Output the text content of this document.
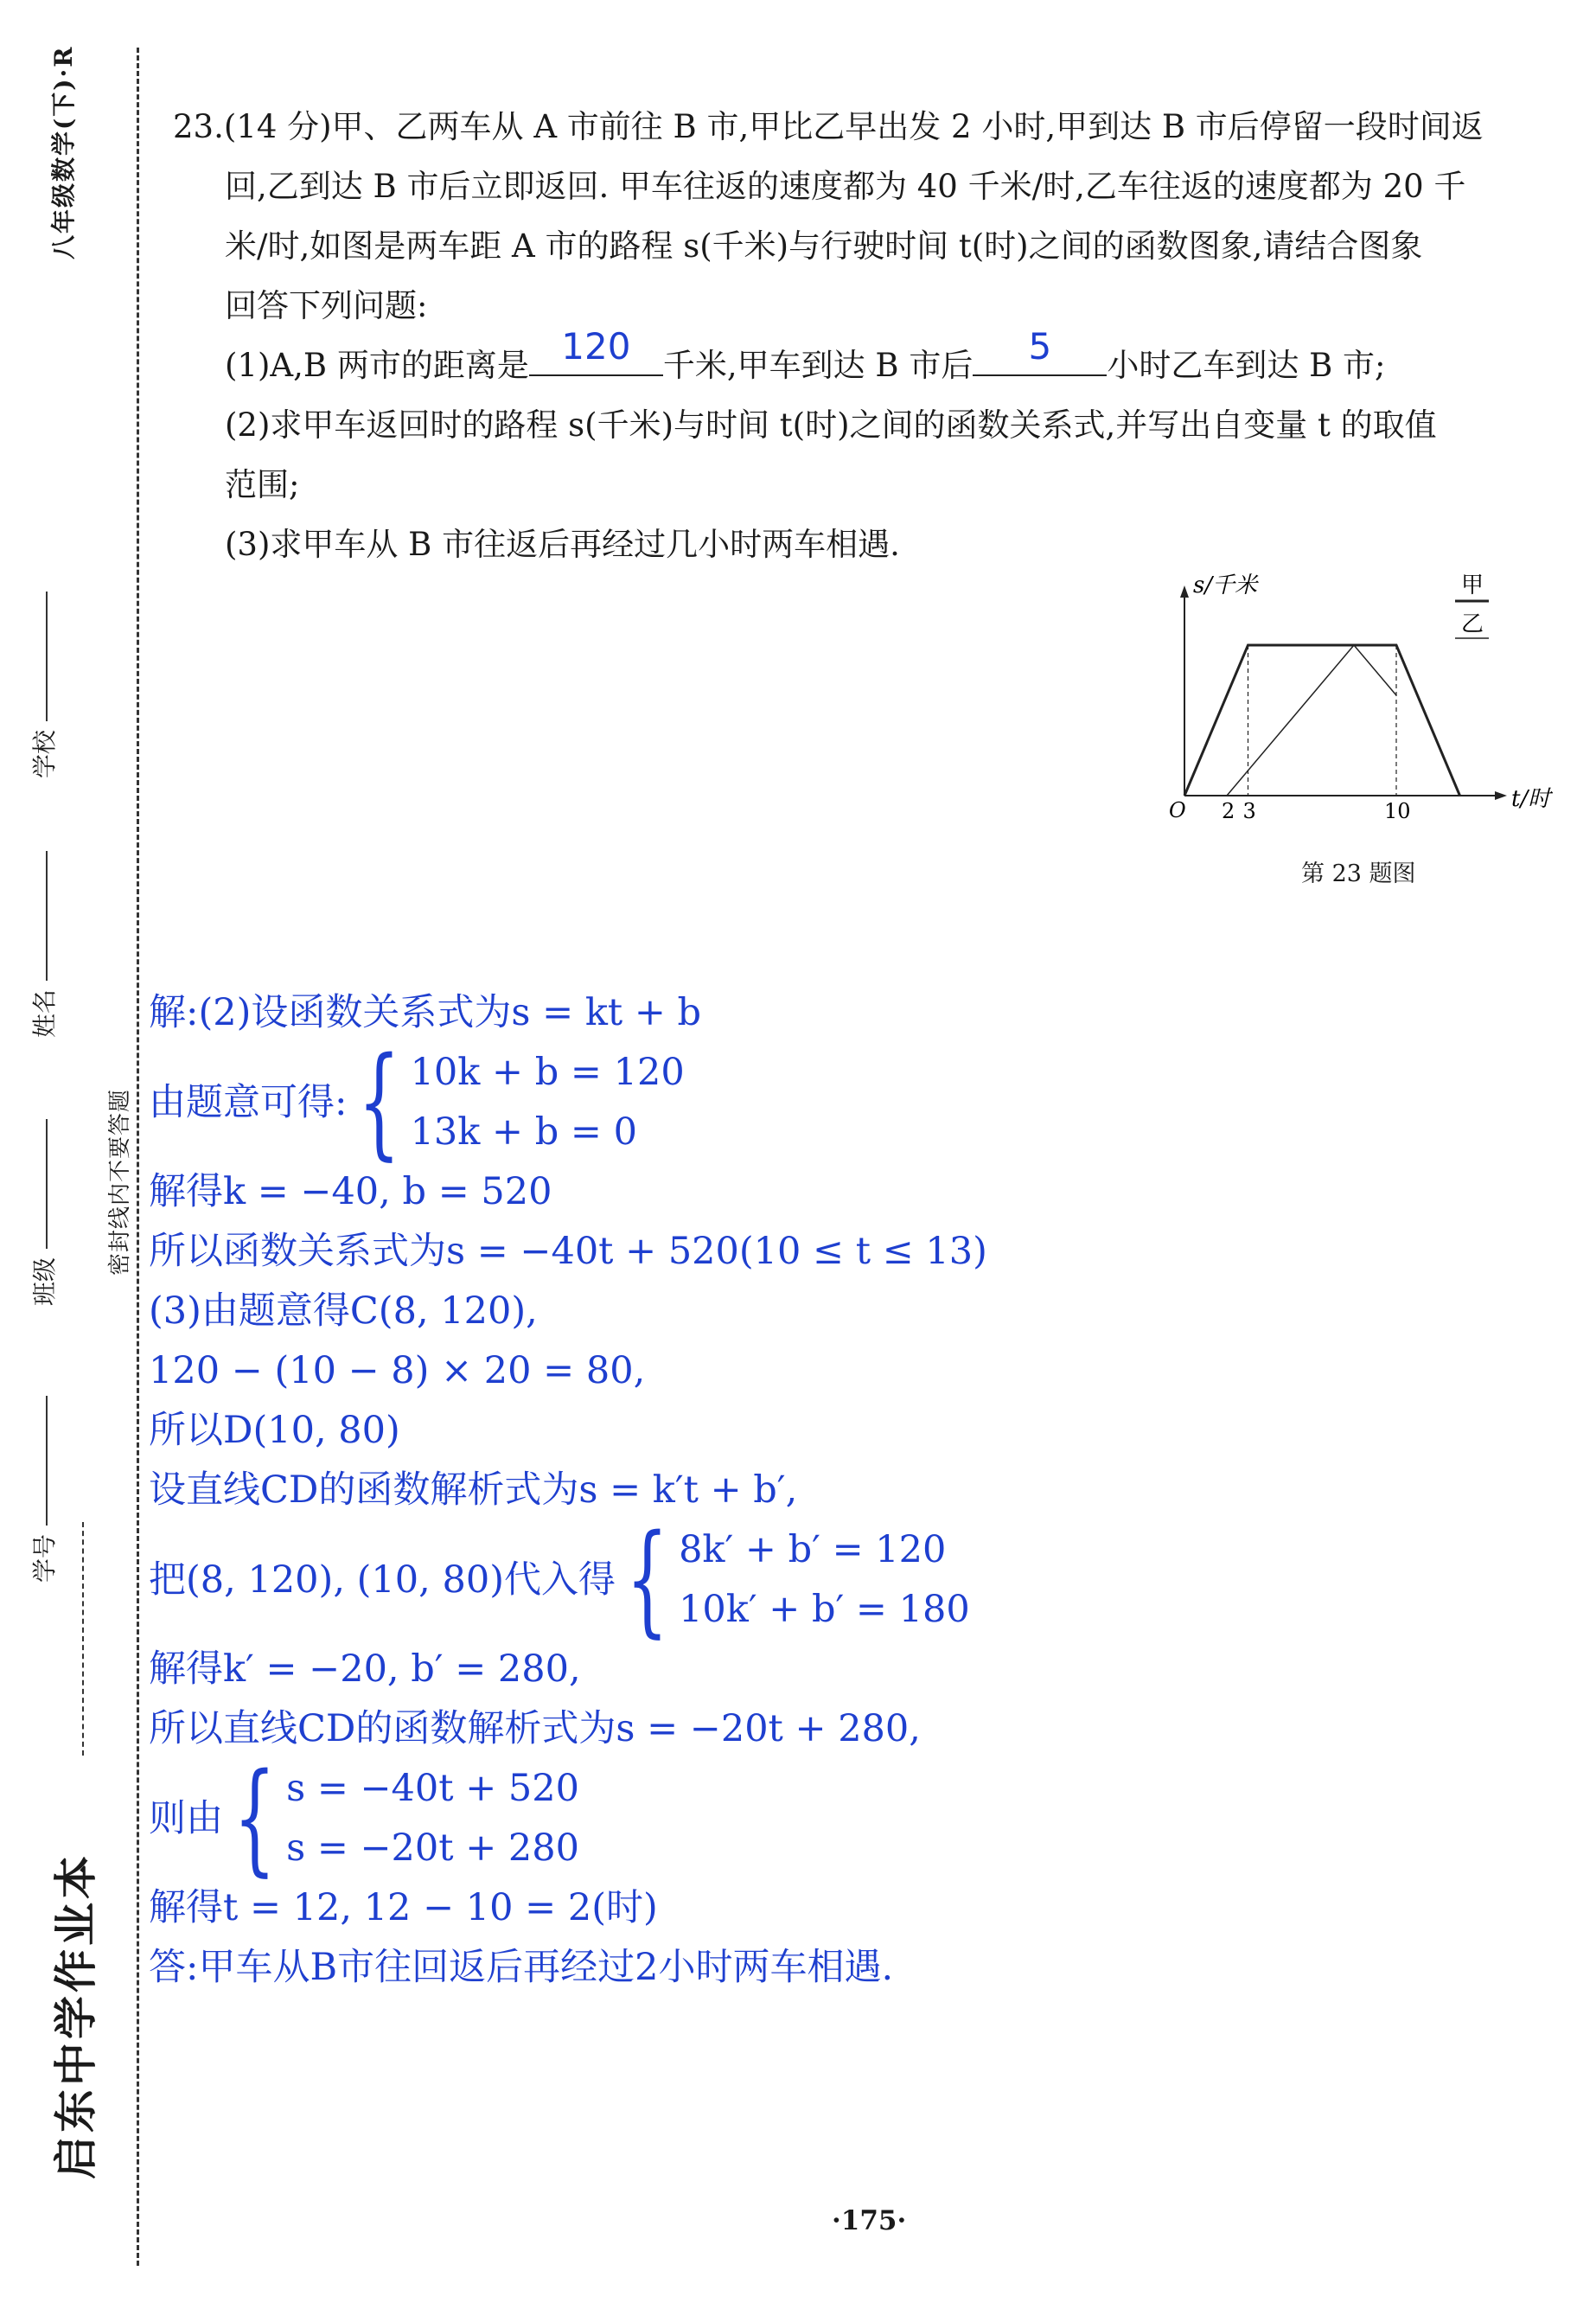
八年级数学(下)·R
密封线内不要答题
学校
姓名
班级
学号
启东中学作业本

23.(14 分)甲、乙两车从 A 市前往 B 市,甲比乙早出发 2 小时,甲到达 B 市后停留一段时间返

回,乙到达 B 市后立即返回. 甲车往返的速度都为 40 千米/时,乙车往返的速度都为 20 千

米/时,如图是两车距 A 市的路程 s(千米)与行驶时间 t(时)之间的函数图象,请结合图象

回答下列问题:

(1)A,B 两市的距离是 120	千米,甲车到达 B 市后	5	小时乙车到达 B 市;

(2)求甲车返回时的路程 s(千米)与时间 t(时)之间的函数关系式,并写出自变量 t 的取值

范围;

(3)求甲车从 B 市往返后再经过几小时两车相遇.

s/千米
t/时
O 2 3	10
甲
乙
第 23 题图
解:(2)设函数关系式为s = kt + b
由题意可得: { 10k + b = 120
13k + b = 0
解得k = −40, b = 520
所以函数关系式为s = −40t + 520(10 ≤ t ≤ 13)
(3)由题意得C(8, 120),
120 − (10 − 8) × 20 = 80,
所以D(10, 80)
设直线CD的函数解析式为s = k′t + b′,
把(8, 120), (10, 80)代入得 { 8k′ + b′ = 120
10k′ + b′ = 180
解得k′ = −20, b′ = 280,
所以直线CD的函数解析式为s = −20t + 280,
则由 { s = −40t + 520
s = −20t + 280
解得t = 12, 12 − 10 = 2(时)
答:甲车从B市往回返后再经过2小时两车相遇.
·175·
